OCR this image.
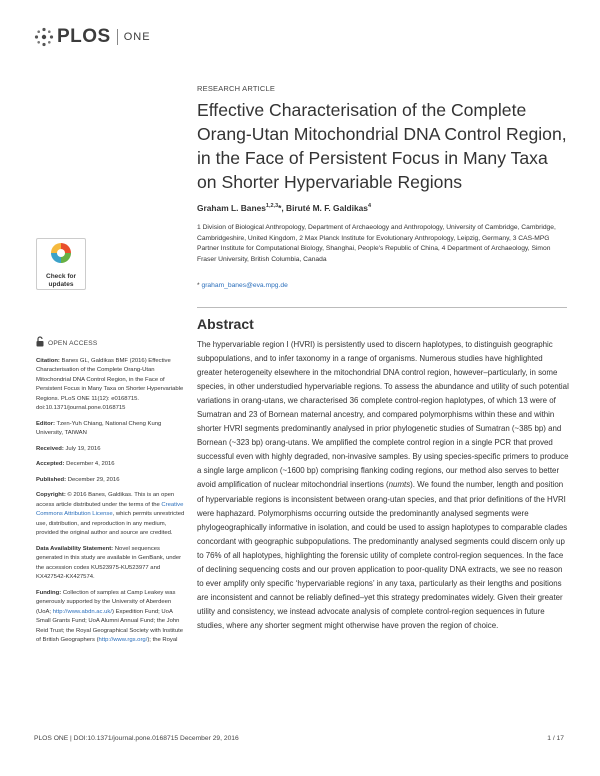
PLOS ONE
RESEARCH ARTICLE
Effective Characterisation of the Complete Orang-Utan Mitochondrial DNA Control Region, in the Face of Persistent Focus in Many Taxa on Shorter Hypervariable Regions
Graham L. Banes$^{1,2,3}$*, Biruté M. F. Galdikas$^4$
1 Division of Biological Anthropology, Department of Archaeology and Anthropology, University of Cambridge, Cambridge, Cambridgeshire, United Kingdom, 2 Max Planck Institute for Evolutionary Anthropology, Leipzig, Germany, 3 CAS-MPG Partner Institute for Computational Biology, Shanghai, People's Republic of China, 4 Department of Archaeology, Simon Fraser University, British Columbia, Canada
* graham_banes@eva.mpg.de
Check for
updates
Abstract

The hypervariable region I (HVRI) is persistently used to discern haplotypes, to distinguish geographic subpopulations, and to infer taxonomy in a range of organisms. Numerous studies have highlighted greater heterogeneity elsewhere in the mitochondrial DNA control region, however–particularly, in some species, in other understudied hypervariable regions. To assess the abundance and utility of such potential variations in orang-utans, we characterised 36 complete control-region haplotypes, of which 13 were of Sumatran and 23 of Bornean maternal ancestry, and compared polymorphisms within these and within shorter HVRI segments predominantly analysed in prior phylogenetic studies of Sumatran (~385 bp) and Bornean (~323 bp) orang-utans. We amplified the complete control region in a single PCR that proved successful even with highly degraded, non-invasive samples. By using species-specific primers to produce a single large amplicon (~1600 bp) comprising flanking coding regions, our method also serves to better avoid amplification of nuclear mitochondrial insertions (numts). We found the number, length and position of hypervariable regions is inconsistent between orang-utan species, and that prior definitions of the HVRI were haphazard. Polymorphisms occurring outside the predominantly analysed segments were phylogeographically informative in isolation, and could be used to assign haplotypes to comparable clades concordant with geographic subpopulations. The predominantly analysed segments could discern only up to 76% of all haplotypes, highlighting the forensic utility of complete control-region sequences. In the face of declining sequencing costs and our proven application to poor-quality DNA extracts, we see no reason to ever amplify only specific ‘hypervariable regions’ in any taxa, particularly as their lengths and positions are inconsistent and cannot be reliably defined–yet this strategy predominates widely. Given their greater utility and consistency, we instead advocate analysis of complete control-region sequences in future studies, where any shorter segment might otherwise have proven the region of choice.

OPEN ACCESS
Citation: Banes GL, Galdikas BMF (2016) Effective Characterisation of the Complete Orang-Utan Mitochondrial DNA Control Region, in the Face of Persistent Focus in Many Taxa on Shorter Hypervariable Regions. PLoS ONE 11(12): e0168715. doi:10.1371/journal.pone.0168715
Editor: Tzen-Yuh Chiang, National Cheng Kung University, TAIWAN
Received: July 19, 2016
Accepted: December 4, 2016
Published: December 29, 2016
Copyright: © 2016 Banes, Galdikas. This is an open access article distributed under the terms of the Creative Commons Attribution License, which permits unrestricted use, distribution, and reproduction in any medium, provided the original author and source are credited.
Data Availability Statement: Novel sequences generated in this study are available in GenBank, under the accession codes KU523975-KU523977 and KX427542-KX427574.
Funding: Collection of samples at Camp Leakey was generously supported by the University of Aberdeen (UoA; http://www.abdn.ac.uk/) Expedition Fund; UoA Small Grants Fund; UoA Alumni Annual Fund; the John Reid Trust; the Royal Geographical Society with Institute of British Geographers (http://www.rgs.org/); the Royal
PLOS ONE | DOI:10.1371/journal.pone.0168715 December 29, 2016	1 / 17
